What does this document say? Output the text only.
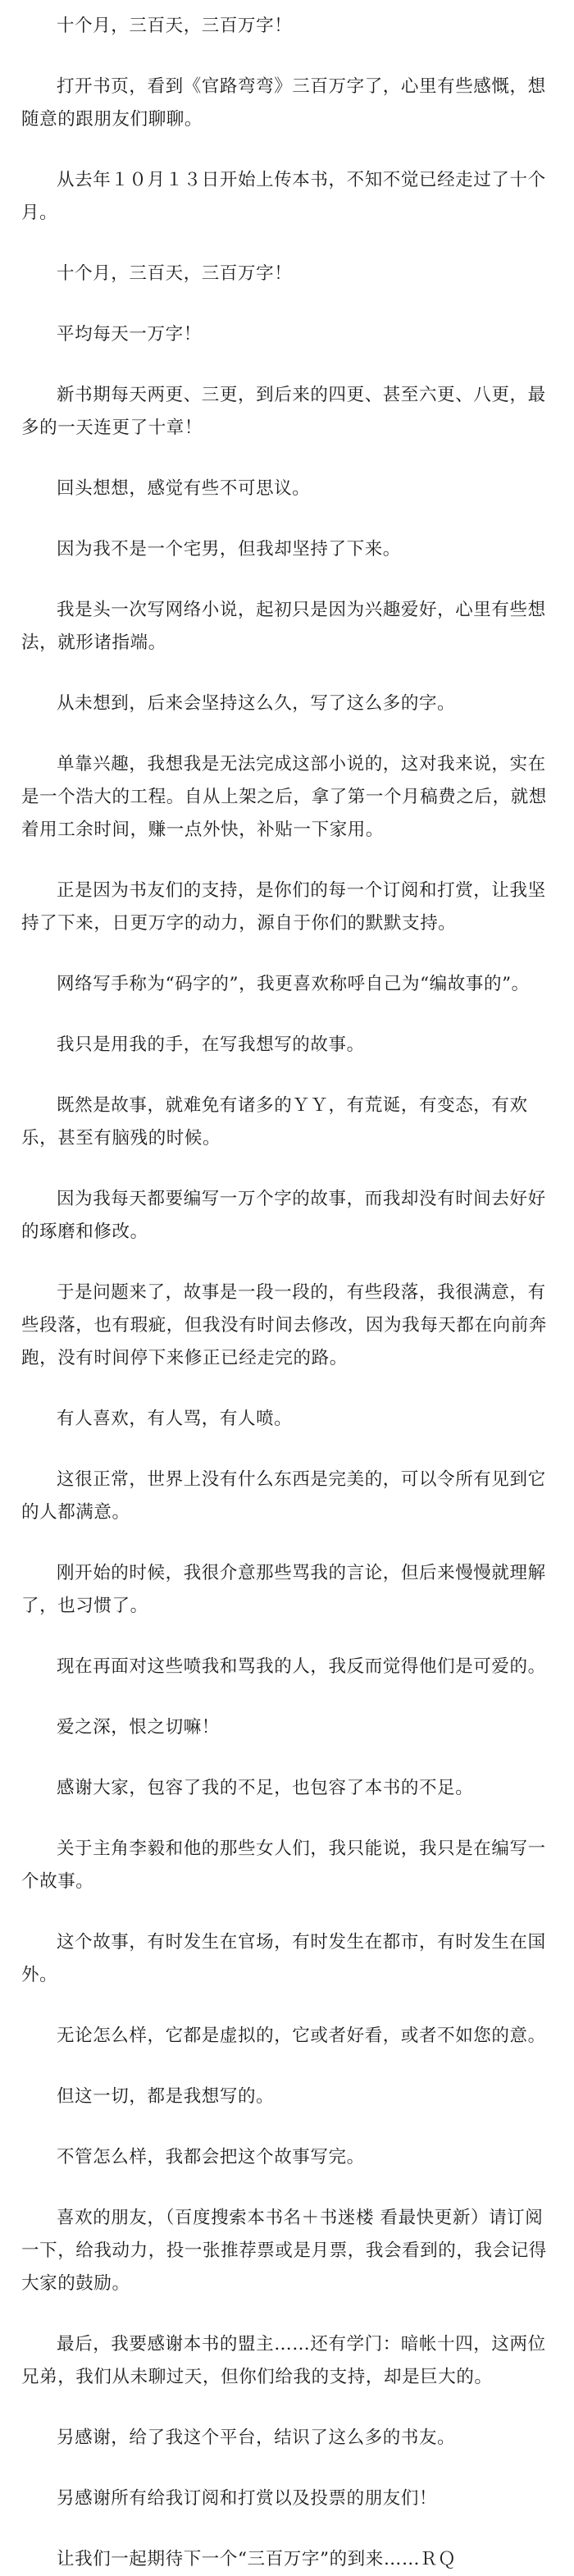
十个月，三百天，三百万字！

打开书页，看到《官路弯弯》三百万字了，心里有些感慨，想随意的跟朋友们聊聊。

从去年１０月１３日开始上传本书，不知不觉已经走过了十个月。

十个月，三百天，三百万字！

平均每天一万字！

新书期每天两更、三更，到后来的四更、甚至六更、八更，最多的一天连更了十章！

回头想想，感觉有些不可思议。

因为我不是一个宅男，但我却坚持了下来。

我是头一次写网络小说，起初只是因为兴趣爱好，心里有些想法，就形诸指端。

从未想到，后来会坚持这么久，写了这么多的字。

单靠兴趣，我想我是无法完成这部小说的，这对我来说，实在是一个浩大的工程。自从上架之后，拿了第一个月稿费之后，就想着用工余时间，赚一点外快，补贴一下家用。

正是因为书友们的支持，是你们的每一个订阅和打赏，让我坚持了下来，日更万字的动力，源自于你们的默默支持。

网络写手称为“码字的”，我更喜欢称呼自己为“编故事的”。

我只是用我的手，在写我想写的故事。

既然是故事，就难免有诸多的ＹＹ，有荒诞，有变态，有欢乐，甚至有脑残的时候。

因为我每天都要编写一万个字的故事，而我却没有时间去好好的琢磨和修改。

于是问题来了，故事是一段一段的，有些段落，我很满意，有些段落，也有瑕疵，但我没有时间去修改，因为我每天都在向前奔跑，没有时间停下来修正已经走完的路。

有人喜欢，有人骂，有人喷。

这很正常，世界上没有什么东西是完美的，可以令所有见到它的人都满意。

刚开始的时候，我很介意那些骂我的言论，但后来慢慢就理解了，也习惯了。

现在再面对这些喷我和骂我的人，我反而觉得他们是可爱的。

爱之深，恨之切嘛！

感谢大家，包容了我的不足，也包容了本书的不足。

关于主角李毅和他的那些女人们，我只能说，我只是在编写一个故事。

这个故事，有时发生在官场，有时发生在都市，有时发生在国外。

无论怎么样，它都是虚拟的，它或者好看，或者不如您的意。

但这一切，都是我想写的。

不管怎么样，我都会把这个故事写完。

喜欢的朋友，（百度搜索本书名＋书迷楼 看最快更新）请订阅一下，给我动力，投一张推荐票或是月票，我会看到的，我会记得大家的鼓励。

最后，我要感谢本书的盟主……还有学门：暗帐十四，这两位兄弟，我们从未聊过天，但你们给我的支持，却是巨大的。

另感谢，给了我这个平台，结识了这么多的书友。

另感谢所有给我订阅和打赏以及投票的朋友们！

让我们一起期待下一个“三百万字”的到来……ＲＱ
